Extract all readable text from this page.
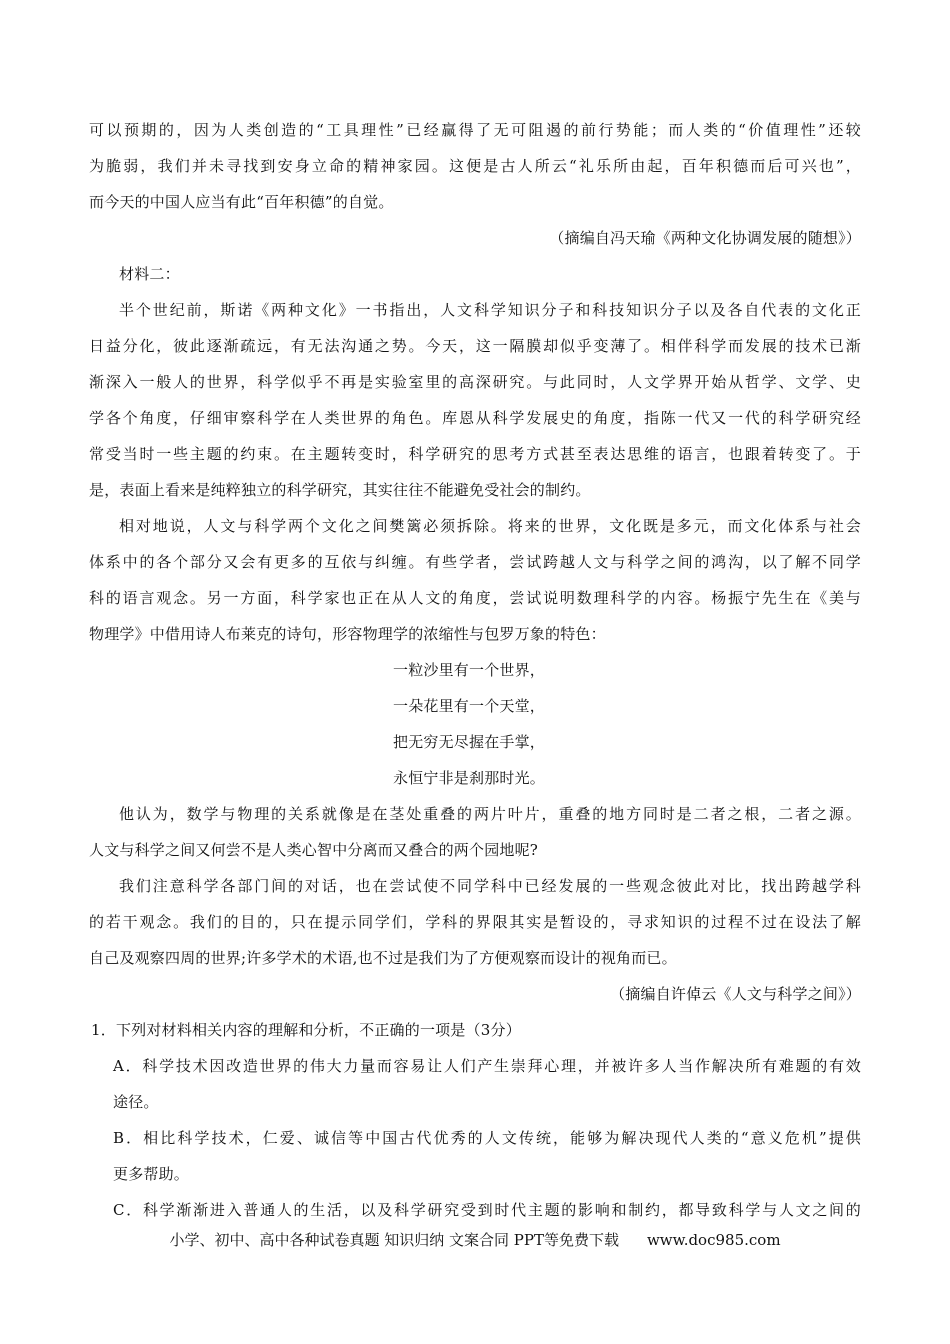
可以预期的，因为人类创造的“工具理性”已经赢得了无可阻遏的前行势能；而人类的“价值理性”还较

为脆弱，我们并未寻找到安身立命的精神家园。这便是古人所云“礼乐所由起，百年积德而后可兴也”，

而今天的中国人应当有此“百年积德”的自觉。

（摘编自冯天瑜《两种文化协调发展的随想》）

材料二：

半个世纪前，斯诺《两种文化》一书指出，人文科学知识分子和科技知识分子以及各自代表的文化正

日益分化，彼此逐渐疏远，有无法沟通之势。今天，这一隔膜却似乎变薄了。相伴科学而发展的技术已渐

渐深入一般人的世界，科学似乎不再是实验室里的高深研究。与此同时，人文学界开始从哲学、文学、史

学各个角度，仔细审察科学在人类世界的角色。库恩从科学发展史的角度，指陈一代又一代的科学研究经

常受当时一些主题的约束。在主题转变时，科学研究的思考方式甚至表达思维的语言，也跟着转变了。于

是，表面上看来是纯粹独立的科学研究，其实往往不能避免受社会的制约。

相对地说，人文与科学两个文化之间樊篱必须拆除。将来的世界，文化既是多元，而文化体系与社会

体系中的各个部分又会有更多的互依与纠缠。有些学者，尝试跨越人文与科学之间的鸿沟，以了解不同学

科的语言观念。另一方面，科学家也正在从人文的角度，尝试说明数理科学的内容。杨振宁先生在《美与

物理学》中借用诗人布莱克的诗句，形容物理学的浓缩性与包罗万象的特色：

一粒沙里有一个世界，

一朵花里有一个天堂，

把无穷无尽握在手掌，

永恒宁非是刹那时光。

他认为，数学与物理的关系就像是在茎处重叠的两片叶片，重叠的地方同时是二者之根，二者之源。

人文与科学之间又何尝不是人类心智中分离而又叠合的两个园地呢?

我们注意科学各部门间的对话，也在尝试使不同学科中已经发展的一些观念彼此对比，找出跨越学科

的若干观念。我们的目的，只在提示同学们，学科的界限其实是暂设的，寻求知识的过程不过在设法了解

自己及观察四周的世界;许多学术的术语,也不过是我们为了方便观察而设计的视角而已。

（摘编自许倬云《人文与科学之间》）

1．下列对材料相关内容的理解和分析，不正确的一项是（3分）

A．科学技术因改造世界的伟大力量而容易让人们产生崇拜心理，并被许多人当作解决所有难题的有效

途径。

B．相比科学技术，仁爱、诚信等中国古代优秀的人文传统，能够为解决现代人类的“意义危机”提供

更多帮助。

C．科学渐渐进入普通人的生活，以及科学研究受到时代主题的影响和制约，都导致科学与人文之间的

小学、初中、高中各种试卷真题 知识归纳 文案合同 PPT等免费下载 www.doc985.com
